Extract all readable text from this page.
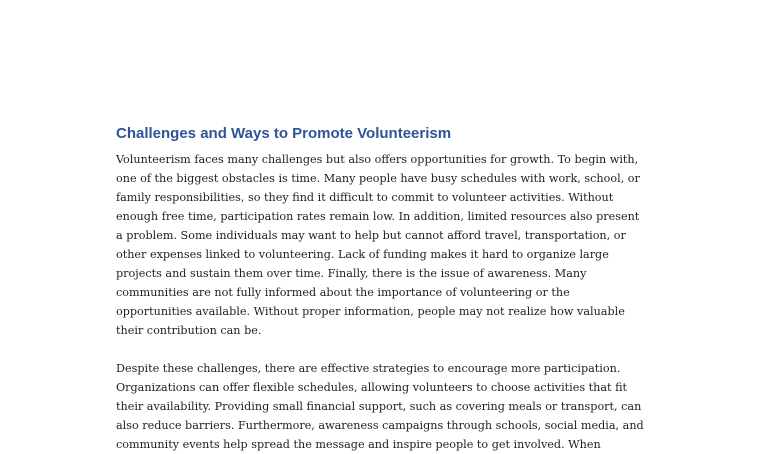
Challenges and Ways to Promote Volunteerism

Volunteerism faces many challenges but also offers opportunities for growth. To begin with,
one of the biggest obstacles is time. Many people have busy schedules with work, school, or
family responsibilities, so they find it difficult to commit to volunteer activities. Without
enough free time, participation rates remain low. In addition, limited resources also present
a problem. Some individuals may want to help but cannot afford travel, transportation, or
other expenses linked to volunteering. Lack of funding makes it hard to organize large
projects and sustain them over time. Finally, there is the issue of awareness. Many
communities are not fully informed about the importance of volunteering or the
opportunities available. Without proper information, people may not realize how valuable
their contribution can be.

Despite these challenges, there are effective strategies to encourage more participation.
Organizations can offer flexible schedules, allowing volunteers to choose activities that fit
their availability. Providing small financial support, such as covering meals or transport, can
also reduce barriers. Furthermore, awareness campaigns through schools, social media, and
community events help spread the message and inspire people to get involved. When
